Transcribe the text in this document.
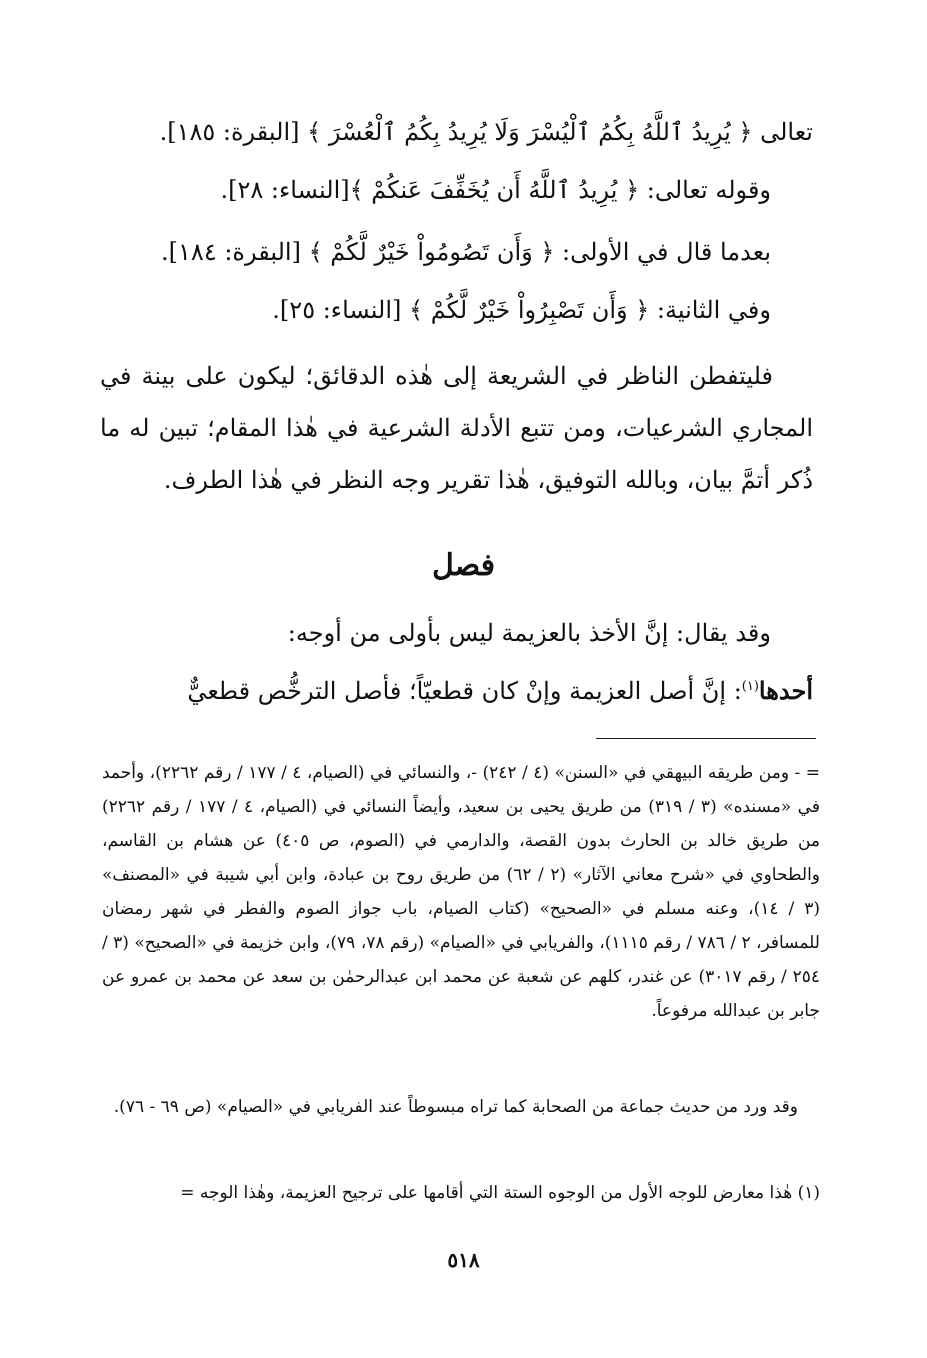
تعالى ﴿ يُرِيدُ ٱللَّهُ بِكُمُ ٱلْيُسْرَ وَلَا يُرِيدُ بِكُمُ ٱلْعُسْرَ ﴾ [البقرة: ١٨٥].

وقوله تعالى: ﴿ يُرِيدُ ٱللَّهُ أَن يُخَفِّفَ عَنكُمْ ﴾[النساء: ٢٨].

بعدما قال في الأولى: ﴿ وَأَن تَصُومُواْ خَيْرٌ لَّكُمْ ﴾ [البقرة: ١٨٤].

وفي الثانية: ﴿ وَأَن تَصْبِرُواْ خَيْرٌ لَّكُمْ ﴾ [النساء: ٢٥].

فليتفطن الناظر في الشريعة إلى هٰذه الدقائق؛ ليكون على بينة في المجاري الشرعيات، ومن تتبع الأدلة الشرعية في هٰذا المقام؛ تبين له ما ذُكر أتمَّ بيان، وبالله التوفيق، هٰذا تقرير وجه النظر في هٰذا الطرف.

فصل

وقد يقال: إنَّ الأخذ بالعزيمة ليس بأولى من أوجه:

أحدها$^{(١)}$: إنَّ أصل العزيمة وإنْ كان قطعيّاً؛ فأصل الترخُّص قطعيٌّ

= - ومن طريقه البيهقي في «السنن» (٤ / ٢٤٢) -، والنسائي في (الصيام، ٤ / ١٧٧ / رقم ٢٢٦٢)، وأحمد في «مسنده» (٣ / ٣١٩) من طريق يحيى بن سعيد، وأيضاً النسائي في (الصيام، ٤ / ١٧٧ / رقم ٢٢٦٢) من طريق خالد بن الحارث بدون القصة، والدارمي في (الصوم، ص ٤٠٥) عن هشام بن القاسم، والطحاوي في «شرح معاني الآثار» (٢ / ٦٢) من طريق روح بن عبادة، وابن أبي شيبة في «المصنف» (٣ / ١٤)، وعنه مسلم في «الصحيح» (كتاب الصيام، باب جواز الصوم والفطر في شهر رمضان للمسافر، ٢ / ٧٨٦ / رقم ١١١٥)، والفريابي في «الصيام» (رقم ٧٨، ٧٩)، وابن خزيمة في «الصحيح» (٣ / ٢٥٤ / رقم ٣٠١٧) عن غندر، كلهم عن شعبة عن محمد ابن عبدالرحمٰن بن سعد عن محمد بن عمرو عن جابر بن عبدالله مرفوعاً.

وقد ورد من حديث جماعة من الصحابة كما تراه مبسوطاً عند الفريابي في «الصيام» (ص ٦٩ - ٧٦).

(١) هٰذا معارض للوجه الأول من الوجوه الستة التي أقامها على ترجيح العزيمة، وهٰذا الوجه =

٥١٨
